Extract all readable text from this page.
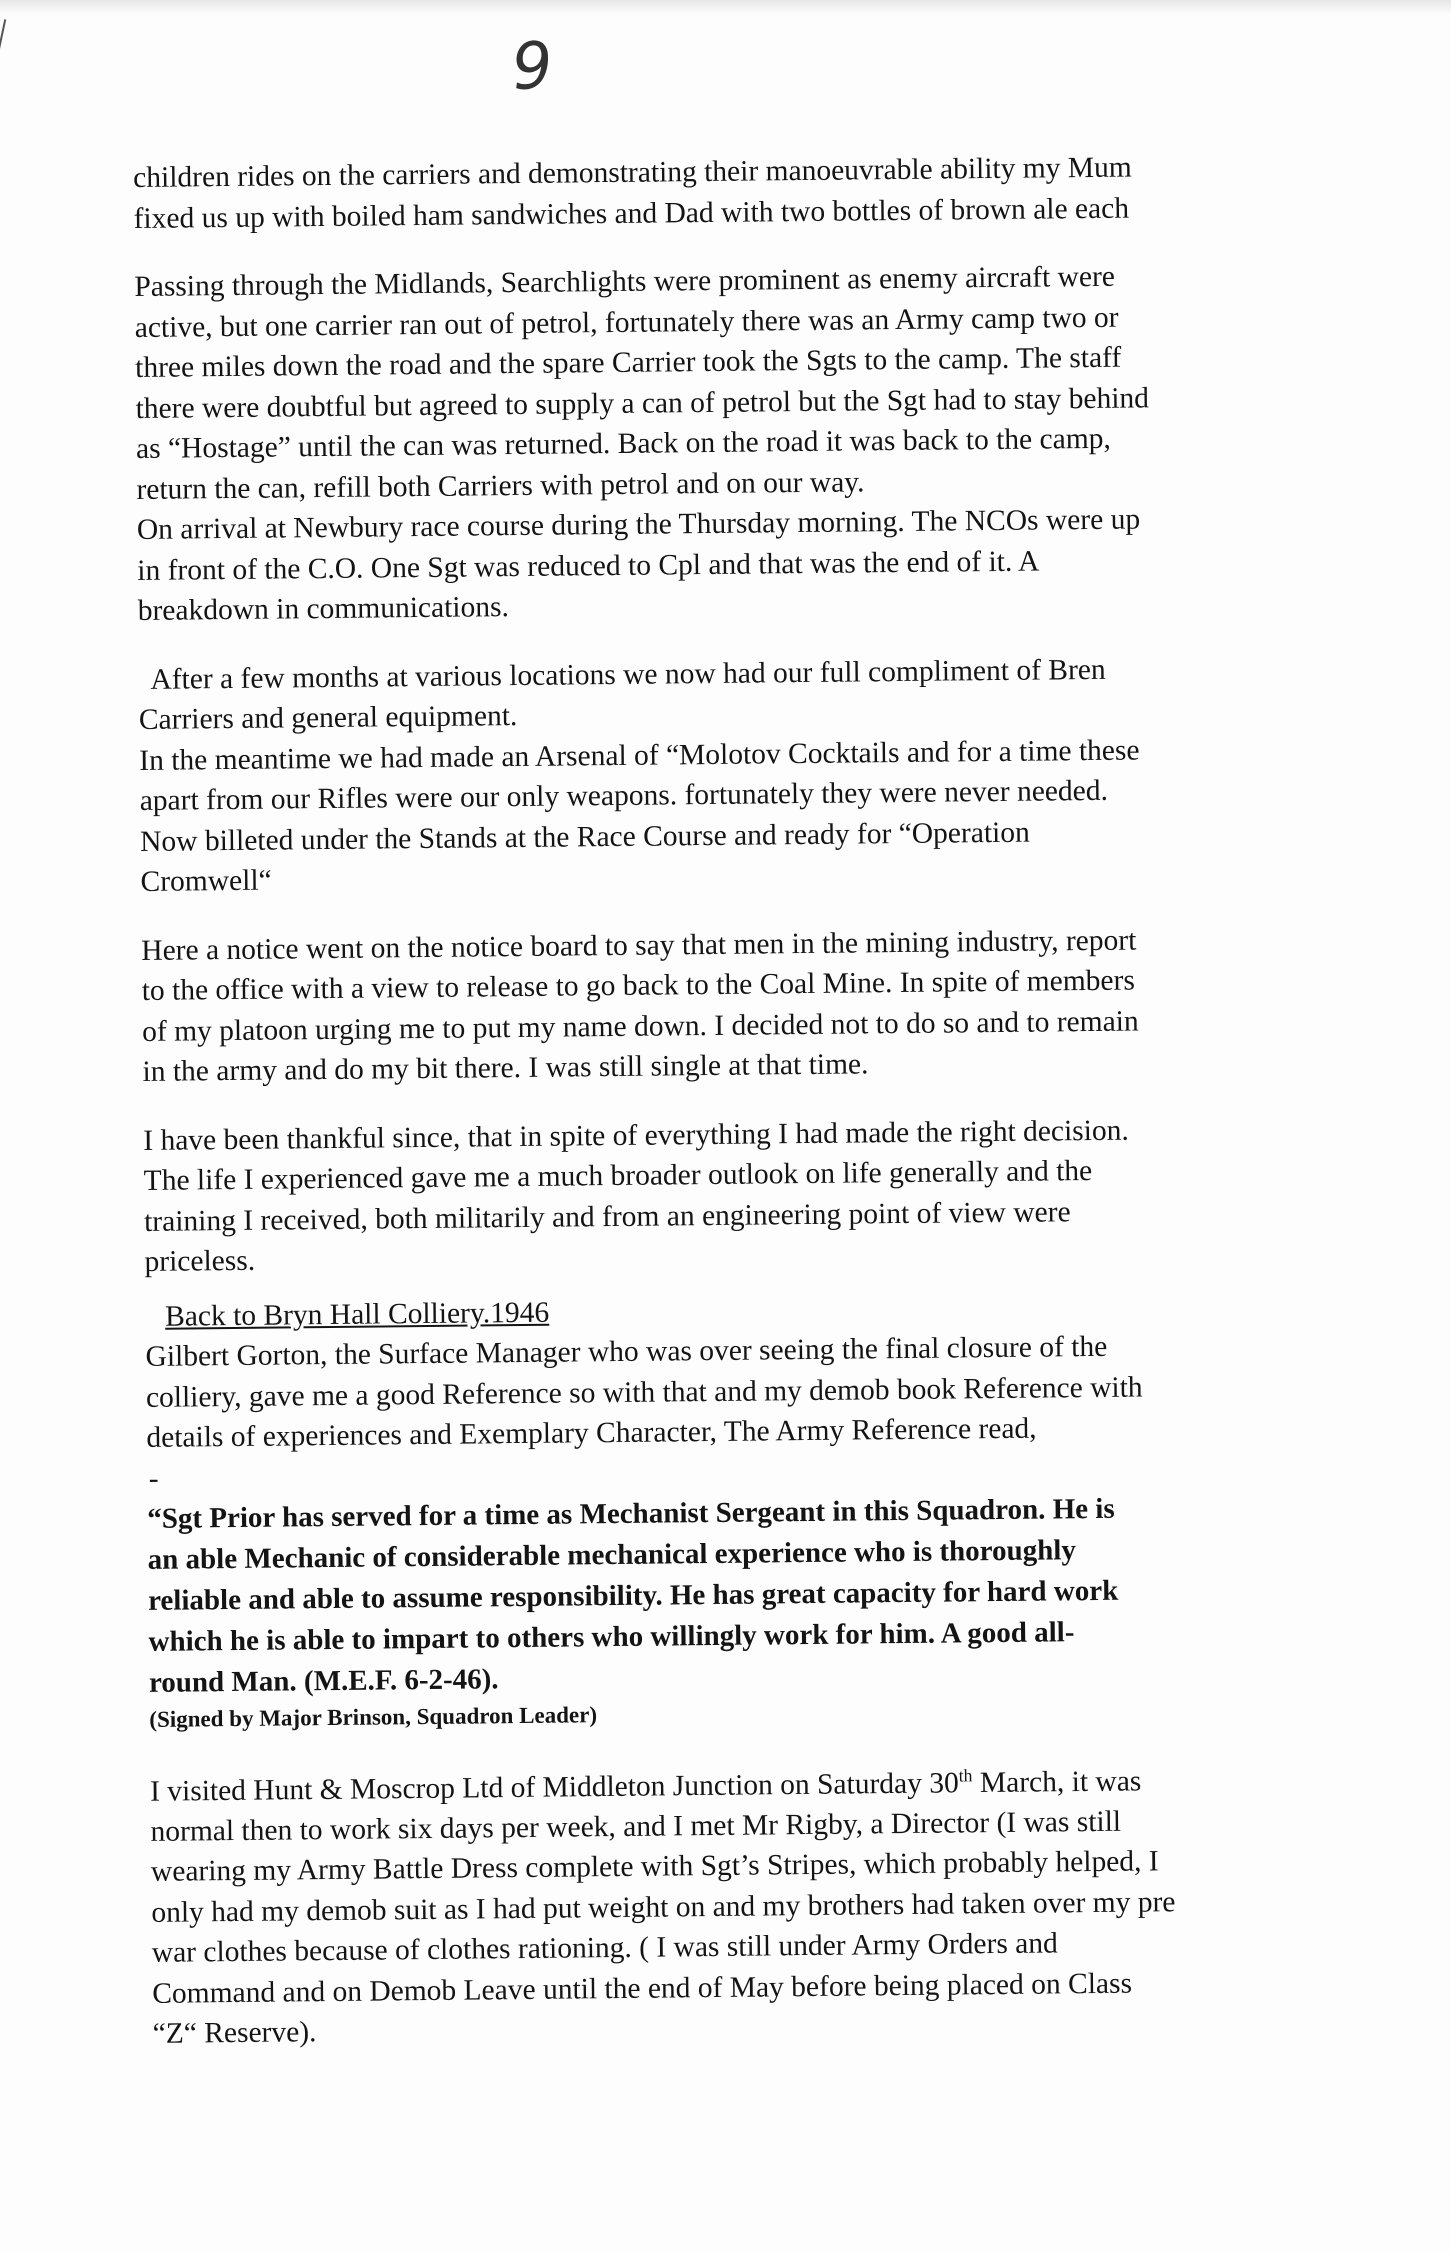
9
children rides on the carriers and demonstrating their manoeuvrable ability my Mum
fixed us up with boiled ham sandwiches and Dad with two bottles of brown ale each
Passing through the Midlands, Searchlights were prominent as enemy aircraft were
active, but one carrier ran out of petrol, fortunately there was an Army camp two or
three miles down the road and the spare Carrier took the Sgts to the camp. The staff
there were doubtful but agreed to supply a can of petrol but the Sgt had to stay behind
as “Hostage” until the can was returned. Back on the road it was back to the camp,
return the can, refill both Carriers with petrol and on our way.
On arrival at Newbury race course during the Thursday morning. The NCOs were up
in front of the C.O. One Sgt was reduced to Cpl and that was the end of it. A
breakdown in communications.
After a few months at various locations we now had our full compliment of Bren
Carriers and general equipment.
In the meantime we had made an Arsenal of “Molotov Cocktails and for a time these
apart from our Rifles were our only weapons. fortunately they were never needed.
Now billeted under the Stands at the Race Course and ready for “Operation
Cromwell“
Here a notice went on the notice board to say that men in the mining industry, report
to the office with a view to release to go back to the Coal Mine. In spite of members
of my platoon urging me to put my name down. I decided not to do so and to remain
in the army and do my bit there. I was still single at that time.
I have been thankful since, that in spite of everything I had made the right decision.
The life I experienced gave me a much broader outlook on life generally and the
training I received, both militarily and from an engineering point of view were
priceless.
Back to Bryn Hall Colliery.1946
Gilbert Gorton, the Surface Manager who was over seeing the final closure of the
colliery, gave me a good Reference so with that and my demob book Reference with
details of experiences and Exemplary Character, The Army Reference read,
-
“Sgt Prior has served for a time as Mechanist Sergeant in this Squadron. He is
an able Mechanic of considerable mechanical experience who is thoroughly
reliable and able to assume responsibility. He has great capacity for hard work
which he is able to impart to others who willingly work for him. A good all-
round Man. (M.E.F. 6-2-46).
(Signed by Major Brinson, Squadron Leader)
I visited Hunt & Moscrop Ltd of Middleton Junction on Saturday 30th March, it was
normal then to work six days per week, and I met Mr Rigby, a Director (I was still
wearing my Army Battle Dress complete with Sgt’s Stripes, which probably helped, I
only had my demob suit as I had put weight on and my brothers had taken over my pre
war clothes because of clothes rationing. ( I was still under Army Orders and
Command and on Demob Leave until the end of May before being placed on Class
“Z“ Reserve).
